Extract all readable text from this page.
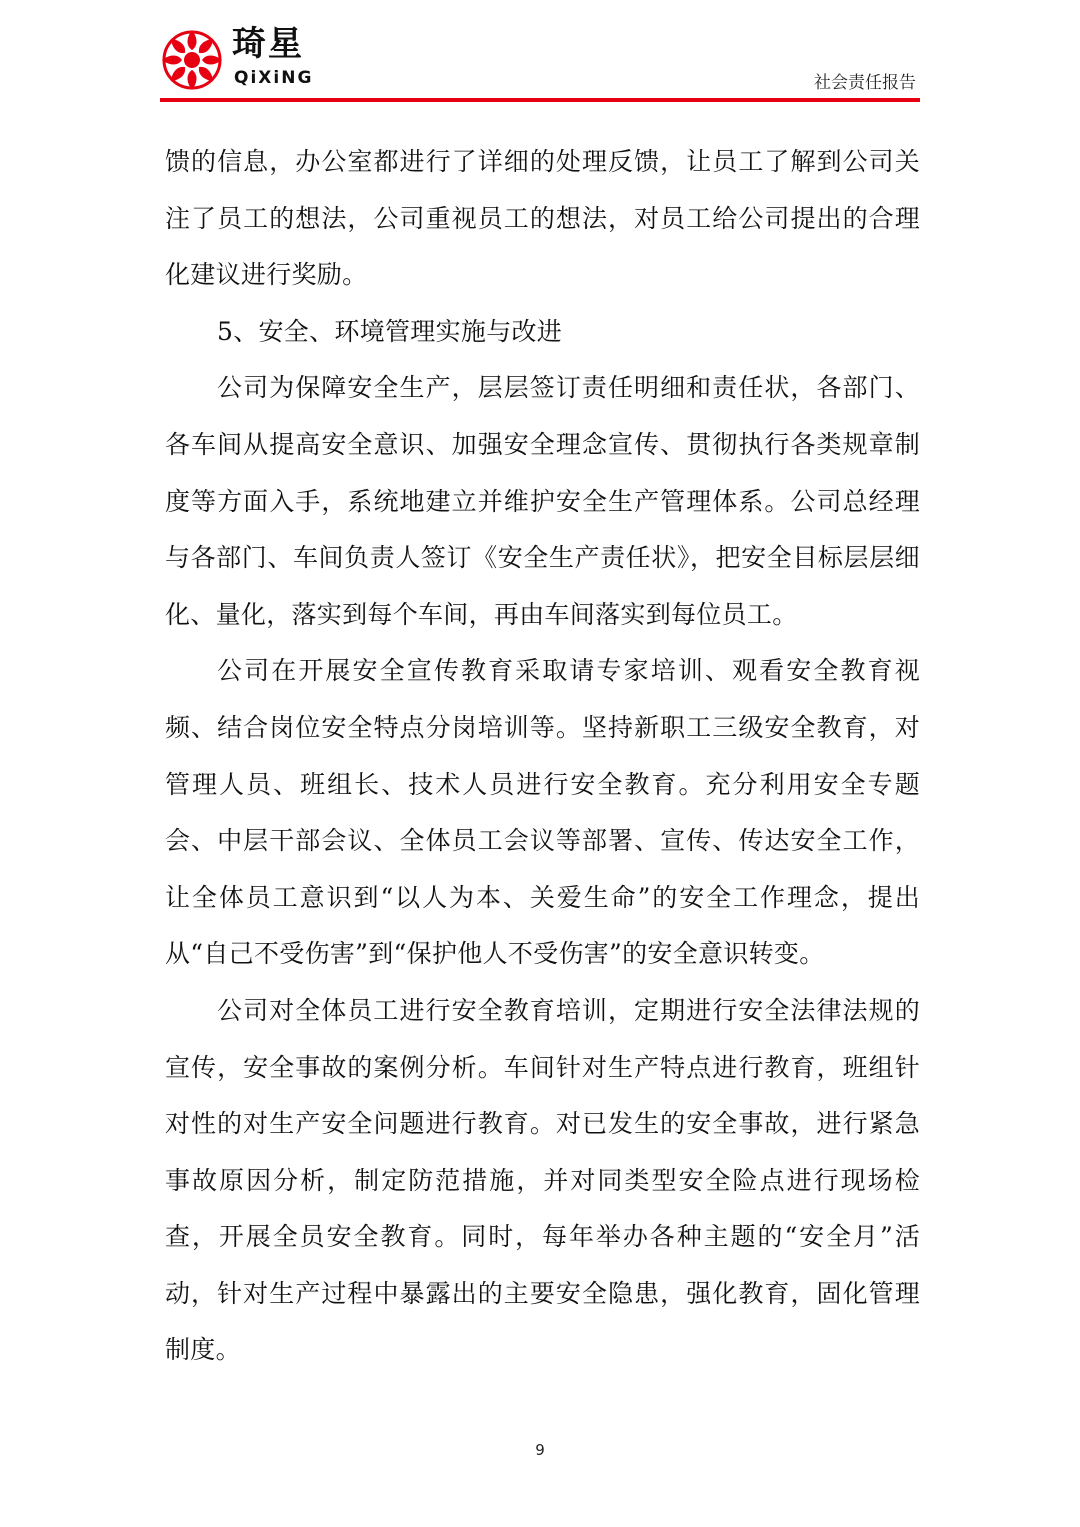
琦星
QiXiNG	社会责任报告

馈的信息，办公室都进行了详细的处理反馈，让员工了解到公司关注了员工的想法，公司重视员工的想法，对员工给公司提出的合理化建议进行奖励。

5、安全、环境管理实施与改进

公司为保障安全生产，层层签订责任明细和责任状，各部门、各车间从提高安全意识、加强安全理念宣传、贯彻执行各类规章制度等方面入手，系统地建立并维护安全生产管理体系。公司总经理与各部门、车间负责人签订《安全生产责任状》，把安全目标层层细化、量化，落实到每个车间，再由车间落实到每位员工。

公司在开展安全宣传教育采取请专家培训、观看安全教育视频、结合岗位安全特点分岗培训等。坚持新职工三级安全教育，对管理人员、班组长、技术人员进行安全教育。充分利用安全专题会、中层干部会议、全体员工会议等部署、宣传、传达安全工作， 让全体员工意识到“以人为本、关爱生命”的安全工作理念，提出从“自己不受伤害”到“保护他人不受伤害”的安全意识转变。

公司对全体员工进行安全教育培训，定期进行安全法律法规的宣传，安全事故的案例分析。车间针对生产特点进行教育，班组针对性的对生产安全问题进行教育。对已发生的安全事故，进行紧急事故原因分析，制定防范措施，并对同类型安全险点进行现场检查，开展全员安全教育。同时，每年举办各种主题的“安全月”活动，针对生产过程中暴露出的主要安全隐患，强化教育，固化管理制度。

9
